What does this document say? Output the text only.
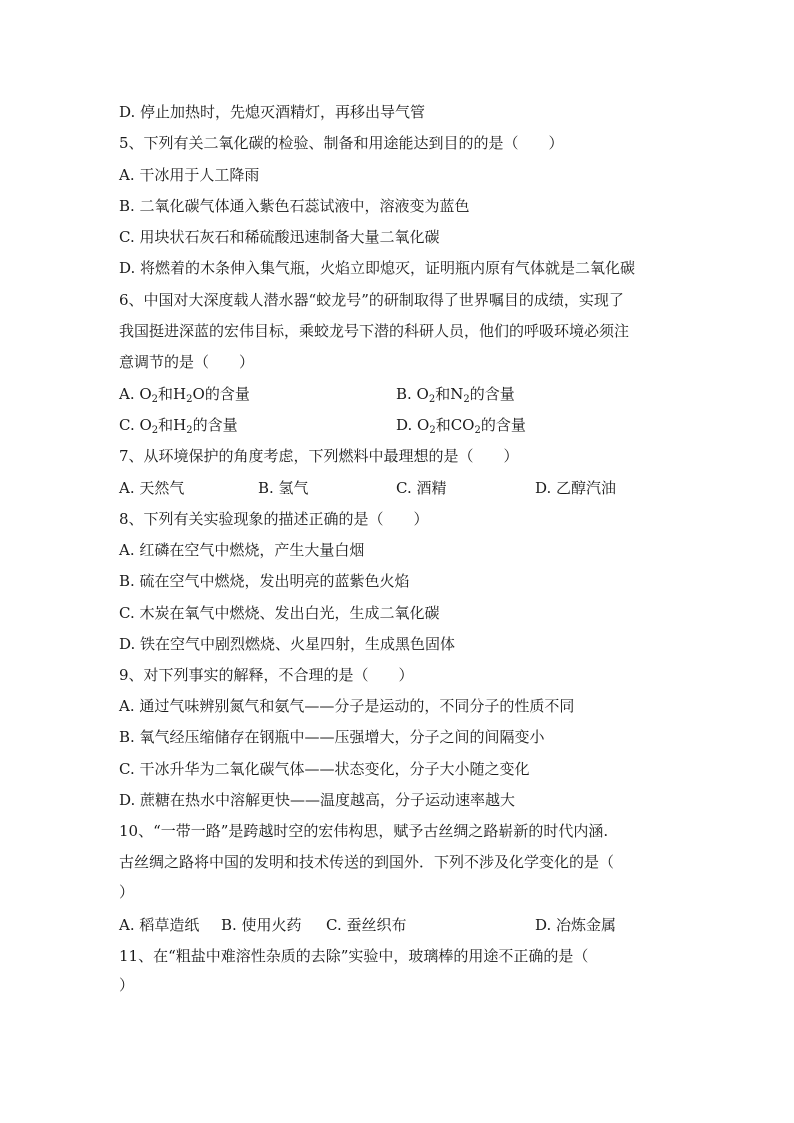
D. 停止加热时，先熄灭酒精灯，再移出导气管
5、下列有关二氧化碳的检验、制备和用途能达到目的的是（　　）
A. 干冰用于人工降雨
B. 二氧化碳气体通入紫色石蕊试液中，溶液变为蓝色
C. 用块状石灰石和稀硫酸迅速制备大量二氧化碳
D. 将燃着的木条伸入集气瓶，火焰立即熄灭，证明瓶内原有气体就是二氧化碳
6、中国对大深度载人潜水器“蛟龙号”的研制取得了世界嘱目的成绩，实现了
我国挺进深蓝的宏伟目标，乘蛟龙号下潜的科研人员，他们的呼吸环境必须注
意调节的是（　　）
A. $O_2$和$H_2O$的含量	B. $O_2$和$N_2$的含量
C. $O_2$和$H_2$的含量	D. $O_2$和$CO_2$的含量
7、从环境保护的角度考虑，下列燃料中最理想的是（　　）
A. 天然气	B. 氢气	C. 酒精	D. 乙醇汽油
8、下列有关实验现象的描述正确的是（　　）
A. 红磷在空气中燃烧，产生大量白烟
B. 硫在空气中燃烧，发出明亮的蓝紫色火焰
C. 木炭在氧气中燃烧、发出白光，生成二氧化碳
D. 铁在空气中剧烈燃烧、火星四射，生成黑色固体
9、对下列事实的解释，不合理的是（　　）
A. 通过气味辨别氮气和氨气——分子是运动的，不同分子的性质不同
B. 氧气经压缩储存在钢瓶中——压强增大，分子之间的间隔变小
C. 干冰升华为二氧化碳气体——状态变化，分子大小随之变化
D. 蔗糖在热水中溶解更快——温度越高，分子运动速率越大
10、“一带一路”是跨越时空的宏伟构思，赋予古丝绸之路崭新的时代内涵.
古丝绸之路将中国的发明和技术传送的到国外．下列不涉及化学变化的是（
）
A. 稻草造纸 B. 使用火药 C. 蚕丝织布	D. 冶炼金属
11、在“粗盐中难溶性杂质的去除”实验中，玻璃棒的用途不正确的是（
）
